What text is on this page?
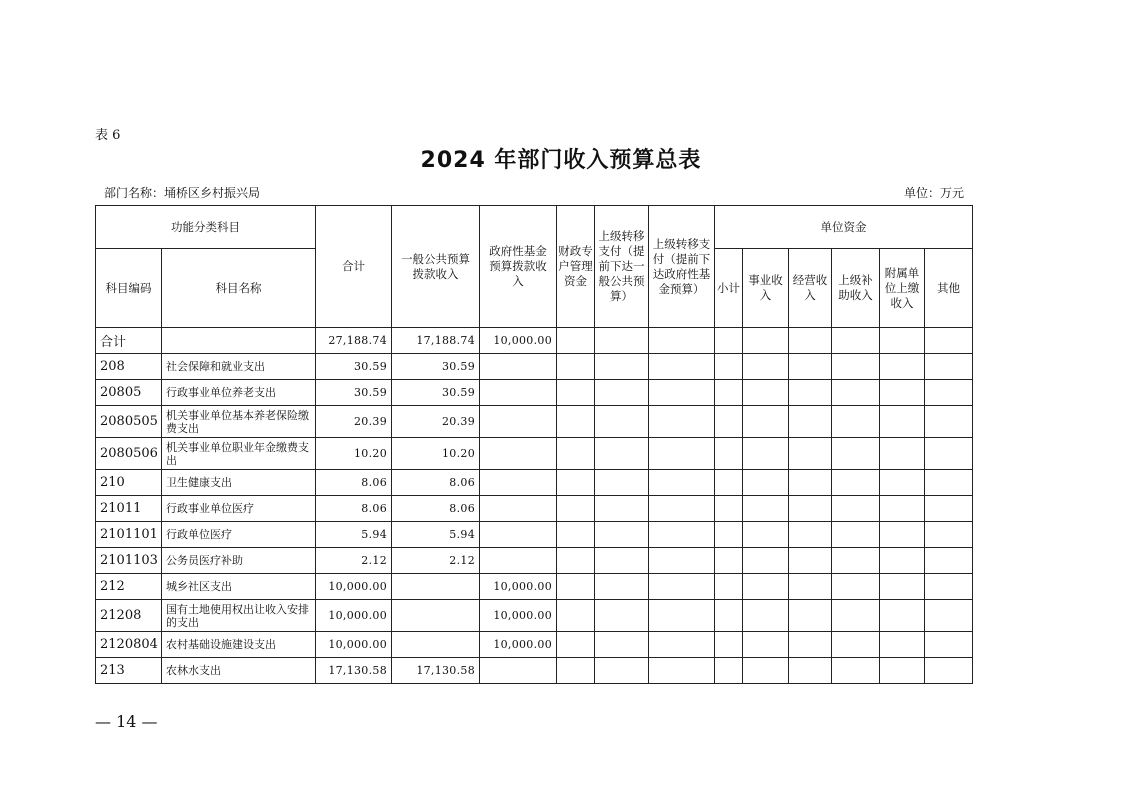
表 6
2024 年部门收入预算总表
部门名称：埇桥区乡村振兴局	单位：万元
功能分类科目		合计	一般公共预算拨款收入	政府性基金预算拨款收入	财政专户管理资金	上级转移支付（提前下达一般公共预算）	上级转移支付（提前下达政府性基金预算）	单位资金					
科目编码	科目名称							小计	事业收入	经营收入	上级补助收入	附属单位上缴收入	其他
合计		27,188.74	17,188.74	10,000.00									
208	社会保障和就业支出	30.59	30.59										
20805	行政事业单位养老支出	30.59	30.59										
2080505	机关事业单位基本养老保险缴费支出	20.39	20.39										
2080506	机关事业单位职业年金缴费支出	10.20	10.20										
210	卫生健康支出	8.06	8.06										
21011	行政事业单位医疗	8.06	8.06										
2101101	行政单位医疗	5.94	5.94										
2101103	公务员医疗补助	2.12	2.12										
212	城乡社区支出	10,000.00		10,000.00									
21208	国有土地使用权出让收入安排的支出	10,000.00		10,000.00									
2120804	农村基础设施建设支出	10,000.00		10,000.00									
213	农林水支出	17,130.58	17,130.58										
— 14 —
